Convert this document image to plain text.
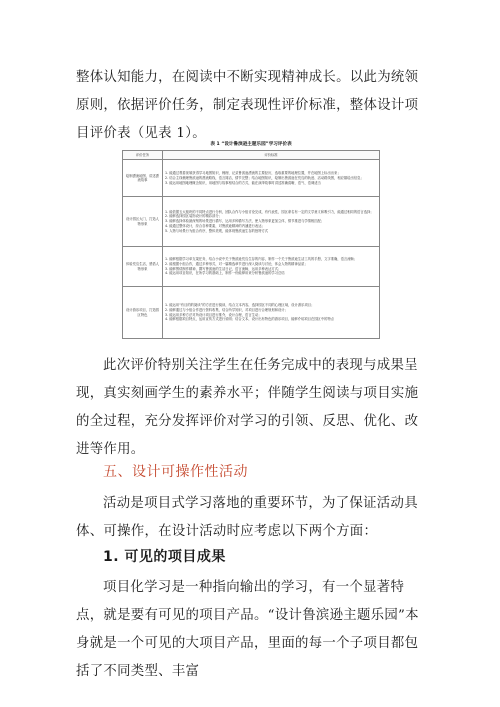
整体认知能力，在阅读中不断实现精神成长。以此为统领原则，依据评价任务，制定表现性评价标准，整体设计项目评价表（见表 1）。

表 1 “设计鲁滨逊主题乐园”学习评价表

评价任务	评价标准
绘制漂流地图，讲述漂流故事	1. 能通过观看视频获得学习地图知识，梳理、记录鲁滨逊漂流的主要经历，选取重要的地理位置，并在地图上标出出来；
2. 结合主线梳理鲁滨逊的漂流路线，语言简洁，情节完整；结合地图知识，绘制出鲁滨逊在荒岛的轨迹、活动路线图，相应描绘出信息；
3. 能运用地图地理概念知识，用地图与故事相结合的方式，能在演绎故事时讲述准确清晰，语气、语调适当

设计园区大门，打造人物形象	1. 能依据五大板块的不同特点进行分析，团队合作与小组讨论完成，有代表性，园区命名有一定的文学意义和吸引力，能通过相同的语言选择；
2. 能够选择园区装饰设计的精彩部分；
3. 能够选择体验最深刻的场景进行描写，运用多种描写方法，使人物形象更加立体，情节推进与学情相匹配；
4. 能通过整体设计，综合各种要素，对鲁滨逊精神的内涵进行表达；
5. 人物与场景行为组合有序，整体美观，能体现鲁滨逊生存的独特方式

体验荒岛生活，感悟人物形象	1. 能够根据学习单支架任务，结合小说中关于鲁滨逊荒岛生存的内容，制作一个关于鲁滨逊生活工具的手册，文字准确，语言流畅；
2. 能根据小组合作，通过多种形式，对一篇精选章节进行深入阅读与讨论，体会人物的精神品质；
3. 能够围绕制作精神，撰写鲁滨逊的生活日记，语言流畅，运用多种表达方式；
4. 能运用项目知识，在所学习的基础上，制作一份能够用来分析鲁滨逊的学习总结

设计游乐项目，打造园区特色	1. 能运用“有目的的阅读”的方法进行阅读，结合文本内容，选择园区不同的心理区域，设计游乐项目；
2. 能够通过与小组合作进行资料收集，结合所学知识，对项目进行合理规划和设计；
3. 能运用多种方法对所设计项目进行推介，设计合理，语言生动；
4. 能够根据项目特点，运用宣传方式进行说明；结合文本，设计出有特色的游乐项目，能够介绍项目在园区中的特点

此次评价特别关注学生在任务完成中的表现与成果呈现，真实刻画学生的素养水平；伴随学生阅读与项目实施的全过程，充分发挥评价对学习的引领、反思、优化、改进等作用。

五、设计可操作性活动

活动是项目式学习落地的重要环节，为了保证活动具体、可操作，在设计活动时应考虑以下两个方面：

1. 可见的项目成果

项目化学习是一种指向输出的学习，有一个显著特点，就是要有可见的项目产品。“设计鲁滨逊主题乐园”本身就是一个可见的大项目产品，里面的每一个子项目都包括了不同类型、丰富
